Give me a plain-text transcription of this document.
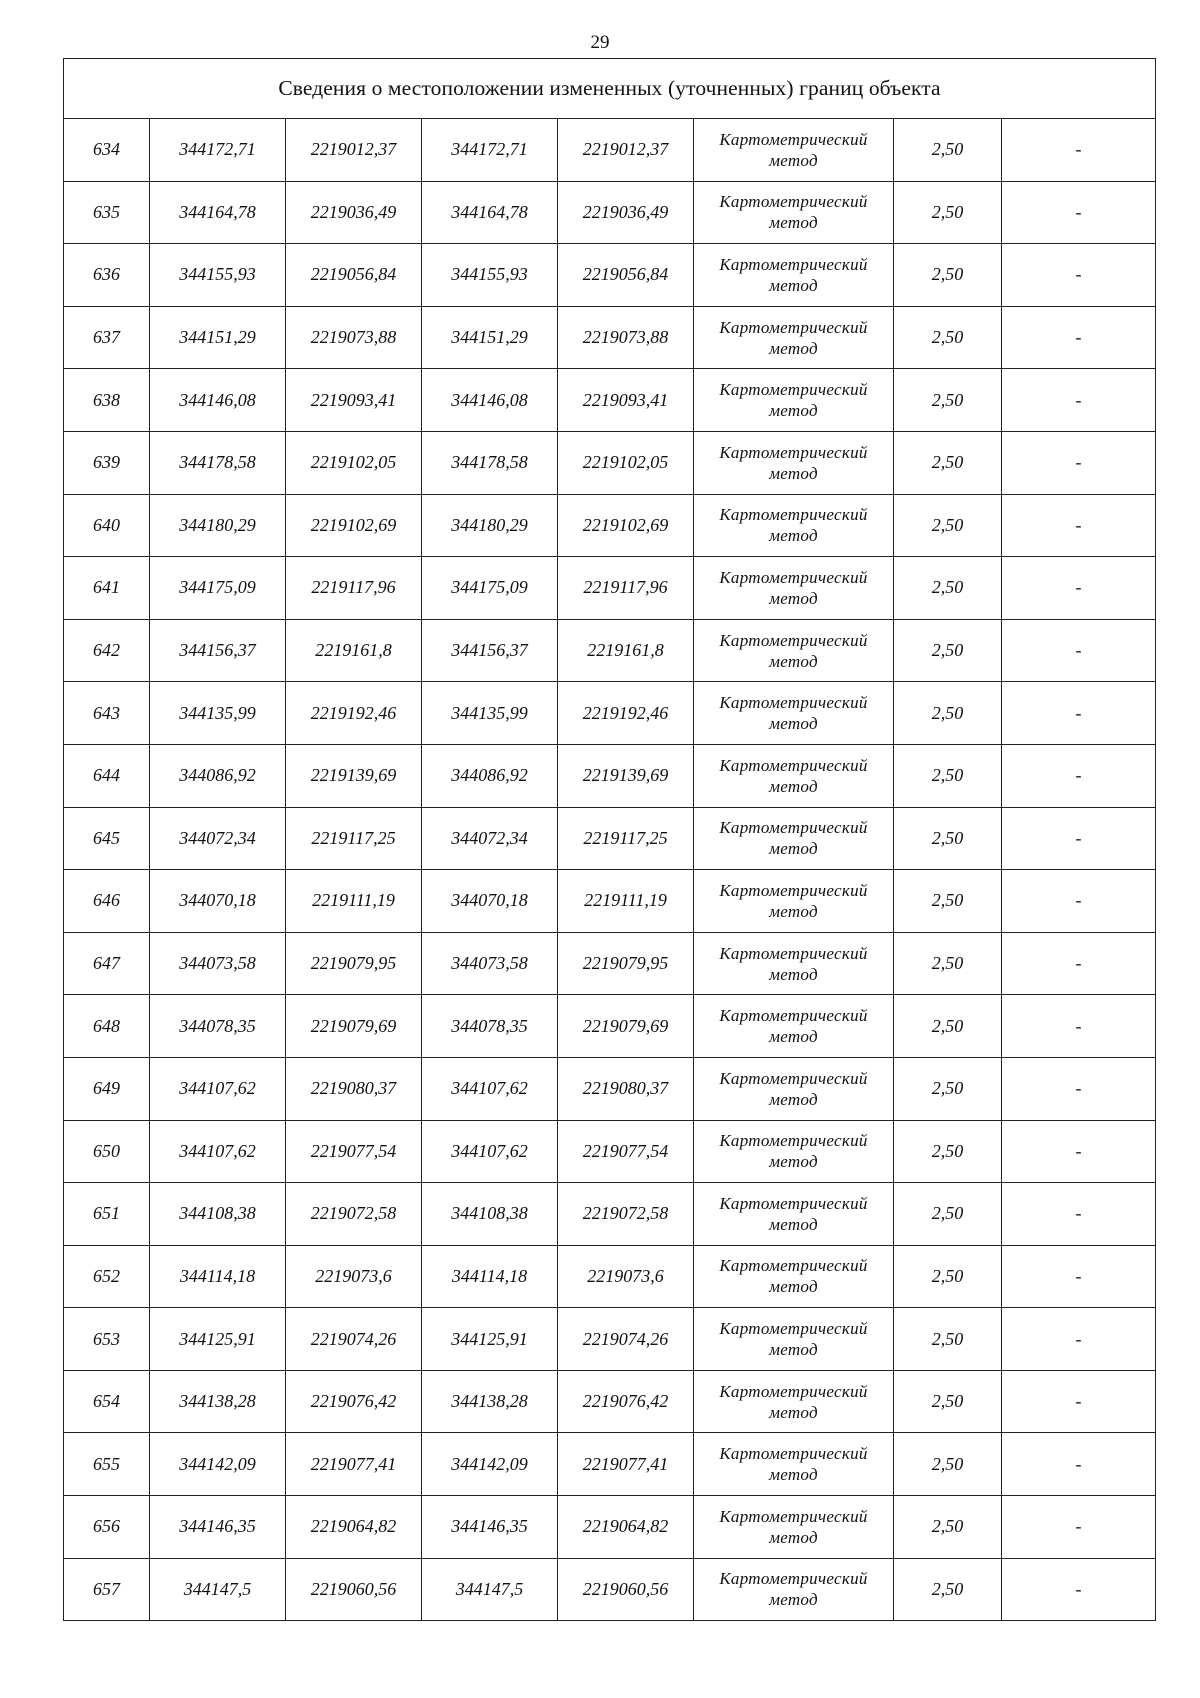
29
Сведения о местоположении измененных (уточненных) границ объекта							
634	344172,71	2219012,37	344172,71	2219012,37	Картометрический
метод	2,50	-
635	344164,78	2219036,49	344164,78	2219036,49	Картометрический
метод	2,50	-
636	344155,93	2219056,84	344155,93	2219056,84	Картометрический
метод	2,50	-
637	344151,29	2219073,88	344151,29	2219073,88	Картометрический
метод	2,50	-
638	344146,08	2219093,41	344146,08	2219093,41	Картометрический
метод	2,50	-
639	344178,58	2219102,05	344178,58	2219102,05	Картометрический
метод	2,50	-
640	344180,29	2219102,69	344180,29	2219102,69	Картометрический
метод	2,50	-
641	344175,09	2219117,96	344175,09	2219117,96	Картометрический
метод	2,50	-
642	344156,37	2219161,8	344156,37	2219161,8	Картометрический
метод	2,50	-
643	344135,99	2219192,46	344135,99	2219192,46	Картометрический
метод	2,50	-
644	344086,92	2219139,69	344086,92	2219139,69	Картометрический
метод	2,50	-
645	344072,34	2219117,25	344072,34	2219117,25	Картометрический
метод	2,50	-
646	344070,18	2219111,19	344070,18	2219111,19	Картометрический
метод	2,50	-
647	344073,58	2219079,95	344073,58	2219079,95	Картометрический
метод	2,50	-
648	344078,35	2219079,69	344078,35	2219079,69	Картометрический
метод	2,50	-
649	344107,62	2219080,37	344107,62	2219080,37	Картометрический
метод	2,50	-
650	344107,62	2219077,54	344107,62	2219077,54	Картометрический
метод	2,50	-
651	344108,38	2219072,58	344108,38	2219072,58	Картометрический
метод	2,50	-
652	344114,18	2219073,6	344114,18	2219073,6	Картометрический
метод	2,50	-
653	344125,91	2219074,26	344125,91	2219074,26	Картометрический
метод	2,50	-
654	344138,28	2219076,42	344138,28	2219076,42	Картометрический
метод	2,50	-
655	344142,09	2219077,41	344142,09	2219077,41	Картометрический
метод	2,50	-
656	344146,35	2219064,82	344146,35	2219064,82	Картометрический
метод	2,50	-
657	344147,5	2219060,56	344147,5	2219060,56	Картометрический
метод	2,50	-
